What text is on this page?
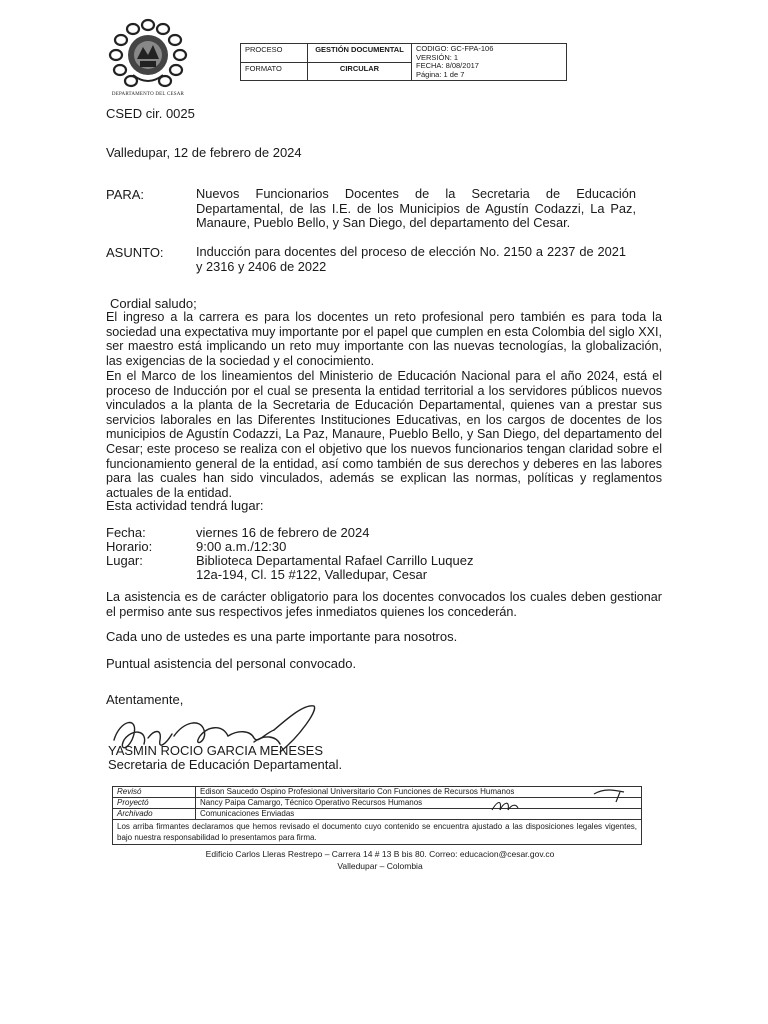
DEPARTAMENTO DEL CESAR
PROCESO	GESTIÓN DOCUMENTAL	CODIGO: GC-FPA-106
VERSIÓN: 1
FECHA: 8/08/2017
Página: 1 de 7

FORMATO	CIRCULAR	
CSED cir. 0025
Valledupar, 12 de febrero de 2024
PARA:	Nuevos Funcionarios Docentes de la Secretaria de Educación Departamental, de las I.E. de los Municipios de Agustín Codazzi, La Paz, Manaure, Pueblo Bello, y San Diego, del departamento del Cesar.
ASUNTO:	Inducción para docentes del proceso de elección No. 2150 a 2237 de 2021 y 2316 y 2406 de 2022
Cordial saludo;
El ingreso a la carrera es para los docentes un reto profesional pero también es para toda la sociedad una expectativa muy importante por el papel que cumplen en esta Colombia del siglo XXI, ser maestro está implicando un reto muy importante con las nuevas tecnologías, la globalización, las exigencias de la sociedad y el conocimiento.
En el Marco de los lineamientos del Ministerio de Educación Nacional para el año 2024, está el proceso de Inducción por el cual se presenta la entidad territorial a los servidores públicos nuevos vinculados a la planta de la Secretaria de Educación Departamental, quienes van a prestar sus servicios laborales en las Diferentes Instituciones Educativas, en los cargos de docentes de los municipios de Agustín Codazzi, La Paz, Manaure, Pueblo Bello, y San Diego, del departamento del Cesar; este proceso se realiza con el objetivo que los nuevos funcionarios tengan claridad sobre el funcionamiento general de la entidad, así como también de sus derechos y deberes en las labores para las cuales han sido vinculados, además se explican las normas, políticas y reglamentos actuales de la entidad.
Esta actividad tendrá lugar:
Fecha:	viernes 16 de febrero de 2024
Horario:	9:00 a.m./12:30
Lugar:	Biblioteca Departamental Rafael Carrillo Luquez
12a-194, Cl. 15 #122, Valledupar, Cesar
La asistencia es de carácter obligatorio para los docentes convocados los cuales deben gestionar el permiso ante sus respectivos jefes inmediatos quienes los concederán.
Cada uno de ustedes es una parte importante para nosotros.
Puntual asistencia del personal convocado.
Atentamente,
YASMIN ROCIO GARCIA MENESES
Secretaria de Educación Departamental.
Revisó	Edison Saucedo Ospino Profesional Universitario Con Funciones de Recursos Humanos
Proyectó	Nancy Paipa Camargo, Técnico Operativo Recursos Humanos
Archivado	Comunicaciones Enviadas
Los arriba firmantes declaramos que hemos revisado el documento cuyo contenido se encuentra ajustado a las disposiciones legales vigentes, bajo nuestra responsabilidad lo presentamos para firma.	
Edificio Carlos Lleras Restrepo – Carrera 14 # 13 B bis 80. Correo: educacion@cesar.gov.co
Valledupar – Colombia
